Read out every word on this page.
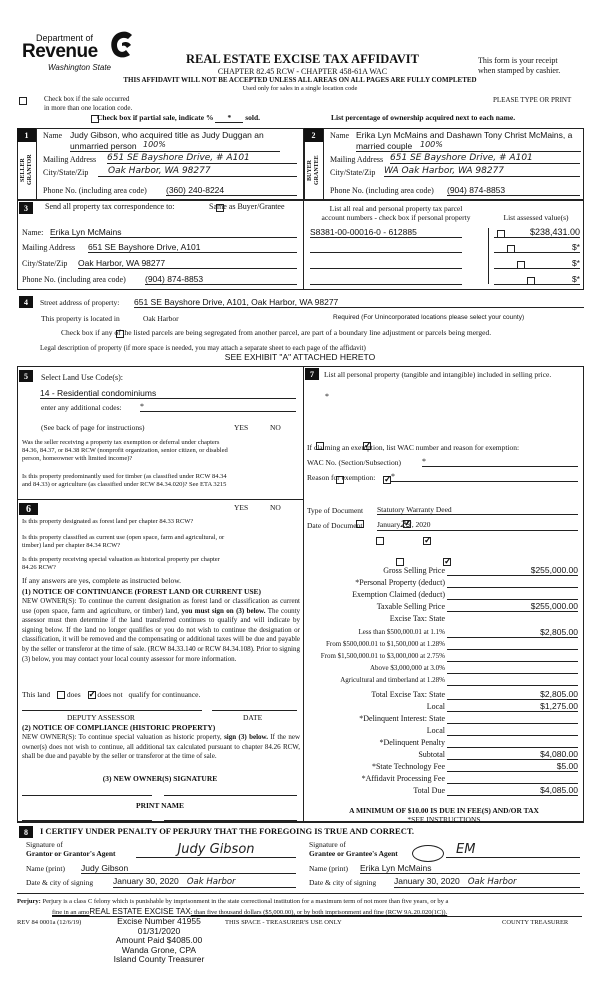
Department of
Revenue
Washington State
REAL ESTATE EXCISE TAX AFFIDAVIT
CHAPTER 82.45 RCW - CHAPTER 458-61A WAC
This form is your receipt
when stamped by cashier.
THIS AFFIDAVIT WILL NOT BE ACCEPTED UNLESS ALL AREAS ON ALL PAGES ARE FULLY COMPLETED
Used only for sales in a single location code

Check box if the sale occurred
in more than one location code.
PLEASE TYPE OR PRINT

Check box if partial sale, indicate % * sold.	List percentage of ownership acquired next to each name.
1
SELLER
GRANTOR
Name Judy Gibson, who acquired title as Judy Duggan an
unmarried person 100%
Mailing Address 651 SE Bayshore Drive, # A101
City/State/Zip	Oak Harbor, WA 98277
Phone No. (including area code) (360) 240-8224
2
BUYER
GRANTEE
Name Erika Lyn McMains and Dashawn Tony Christ McMains, a
married couple 100%
Mailing Address 651 SE Bayshore Drive, # A101
City/State/Zip WA Oak Harbor, WA 98277
Phone No. (including area code) (904) 874-8853
3	Send all property tax correspondence to:
	Same as Buyer/Grantee
Name: Erika Lyn McMains
Mailing Address 651 SE Bayshore Drive, A101
City/State/Zip Oak Harbor, WA 98277
Phone No. (including area code) (904) 874-8853
List all real and personal property tax parcel
account numbers - check box if personal property	List assessed value(s)
S8381-00-00016-0 - 612885
	$238,431.00

$*

$*

$*
4	Street address of property: 651 SE Bayshore Drive, A101, Oak Harbor, WA 98277
This property is located in	Oak Harbor	Required (For Unincorporated locations please select your county)

Check box if any of the listed parcels are being segregated from another parcel, are part of a boundary line adjustment or parcels being merged.
Legal description of property (if more space is needed, you may attach a separate sheet to each page of the affidavit)
SEE EXHIBIT "A" ATTACHED HERETO
5	Select Land Use Code(s):
14 - Residential condominiums
enter any additional codes: *
(See back of page for instructions)	YES	NO
Was the seller receiving a property tax exemption or deferral under chapters 84.36, 84.37, or 84.38 RCW (nonprofit organization, senior citizen, or disabled person, homeowner with limited income)?
✓
Is this property predominantly used for timber (as classified under RCW 84.34 and 84.33) or agriculture (as classified under RCW 84.34.020)? See ETA 3215
✓
6	YES	NO
Is this property designated as forest land per chapter 84.33 RCW?
✓
Is this property classified as current use (open space, farm and agricultural, or timber) land per chapter 84.34 RCW?
✓
Is this property receiving special valuation as historical property per chapter 84.26 RCW?
✓
If any answers are yes, complete as instructed below.
(1) NOTICE OF CONTINUANCE (FOREST LAND OR CURRENT USE)
NEW OWNER(S): To continue the current designation as forest land or classification as current use (open space, farm and agriculture, or timber) land, you must sign on (3) below. The county assessor must then determine if the land transferred continues to qualify and will indicate by signing below. If the land no longer qualifies or you do not wish to continue the designation or classification, it will be removed and the compensating or additional taxes will be due and payable by the seller or transferor at the time of sale. (RCW 84.33.140 or RCW 84.34.108). Prior to signing (3) below, you may contact your local county assessor for more information.
This land does ✓ does not qualify for continuance.
DEPUTY ASSESSOR	DATE
(2) NOTICE OF COMPLIANCE (HISTORIC PROPERTY)
NEW OWNER(S): To continue special valuation as historic property, sign (3) below. If the new owner(s) does not wish to continue, all additional tax calculated pursuant to chapter 84.26 RCW, shall be due and payable by the seller or transferor at the time of sale.
(3) NEW OWNER(S) SIGNATURE
PRINT NAME
7	List all personal property (tangible and intangible) included in selling price.
*
If claiming an exemption, list WAC number and reason for exemption:
WAC No. (Section/Subsection)	*
Reason for exemption: *
Type of Document Statutory Warranty Deed
Date of Document January29, 2020
Gross Selling Price	$255,000.00
*Personal Property (deduct)
Exemption Claimed (deduct)
Taxable Selling Price	$255,000.00
Excise Tax: State
Less than $500,000.01 at 1.1%	$2,805.00
From $500,000.01 to $1,500,000 at 1.28%
From $1,500,000.01 to $3,000,000 at 2.75%
Above $3,000,000 at 3.0%
Agricultural and timberland at 1.28%
Total Excise Tax: State	$2,805.00
Local	$1,275.00
*Delinquent Interest: State
Local
*Delinquent Penalty
Subtotal	$4,080.00
*State Technology Fee	$5.00
*Affidavit Processing Fee
Total Due	$4,085.00
A MINIMUM OF $10.00 IS DUE IN FEE(S) AND/OR TAX
*SEE INSTRUCTIONS
8	I CERTIFY UNDER PENALTY OF PERJURY THAT THE FOREGOING IS TRUE AND CORRECT.
Signature of
Grantor or Grantor's Agent	Judy Gibson
Name (print) Judy Gibson
Date & city of signing January 30, 2020 Oak Harbor
Signature of
Grantee or Grantee's Agent	EM
Name (print) Erika Lyn McMains
Date & city of signing January 30, 2020 Oak Harbor
Perjury: Perjury is a class C felony which is punishable by imprisonment in the state correctional institution for a maximum term of not more than five years, or by a
fine in an amoREAL ESTATE EXCISE TAX: than five thousand dollars ($5,000.00), or by both imprisonment and fine (RCW 9A.20.020(1C)).
REV 84 0001a (12/6/19)	THIS SPACE - TREASURER'S USE ONLY	COUNTY TREASURER
Excise Number 41955
01/31/2020
Amount Paid $4085.00
Wanda Grone, CPA
Island County Treasurer
